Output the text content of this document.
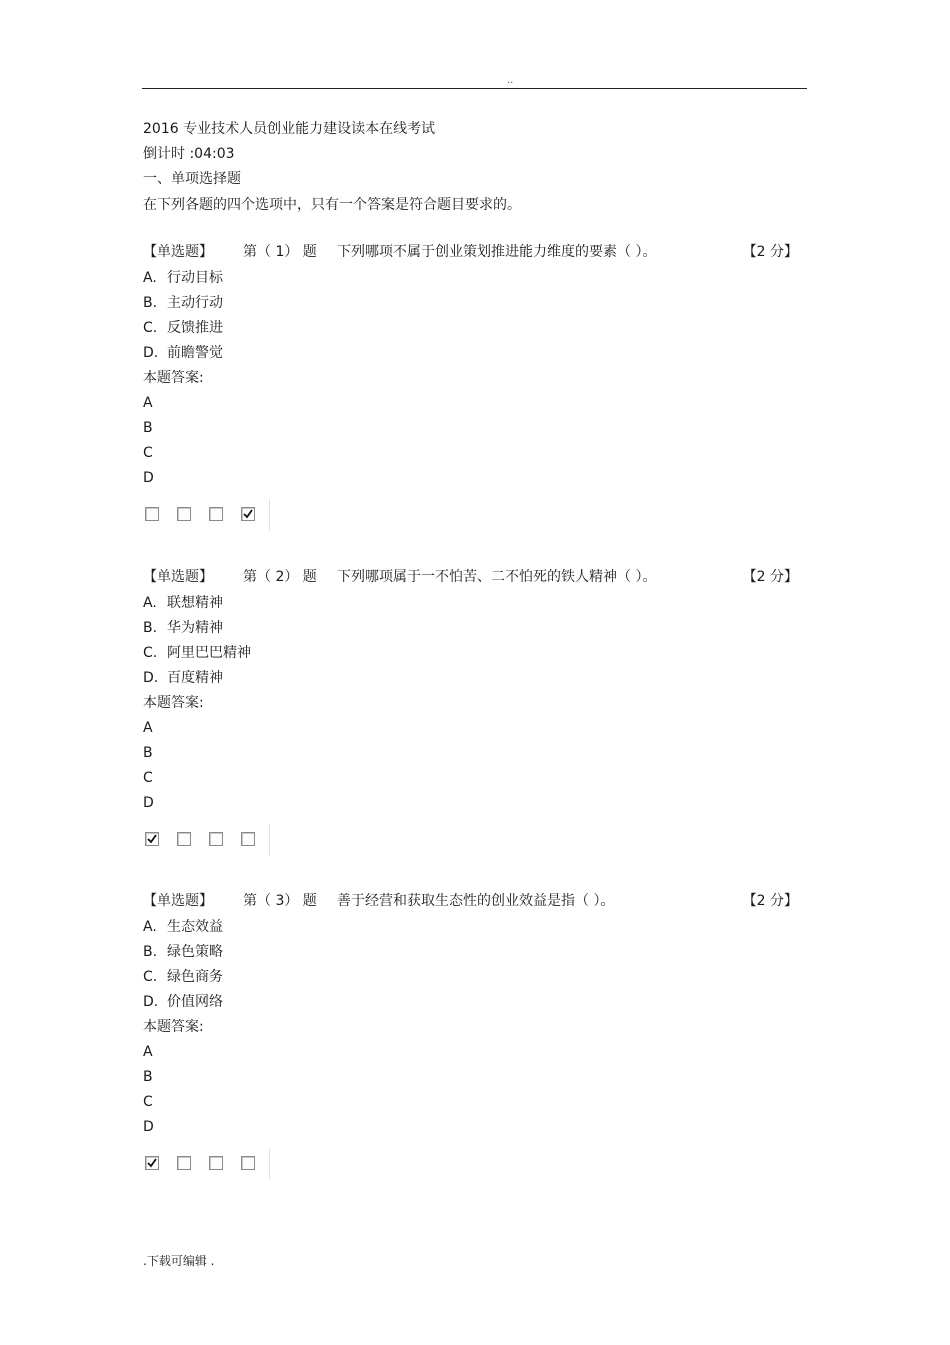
..
2016 专业技术人员创业能力建设读本在线考试
倒计时 :04:03
一、单项选择题
在下列各题的四个选项中，只有一个答案是符合题目要求的。
【单选题】 第（ 1） 题 下列哪项不属于创业策划推进能力维度的要素（ ）。	【2 分】
A. 行动目标
B. 主动行动
C. 反馈推进
D. 前瞻警觉
本题答案:
A
B
C
D
【单选题】 第（ 2） 题 下列哪项属于一不怕苦、二不怕死的铁人精神（ ）。	【2 分】
A. 联想精神
B. 华为精神
C. 阿里巴巴精神
D. 百度精神
本题答案:
A
B
C
D
【单选题】 第（ 3） 题 善于经营和获取生态性的创业效益是指（ ）。	【2 分】
A. 生态效益
B. 绿色策略
C. 绿色商务
D. 价值网络
本题答案:
A
B
C
D
.下载可编辑 .
